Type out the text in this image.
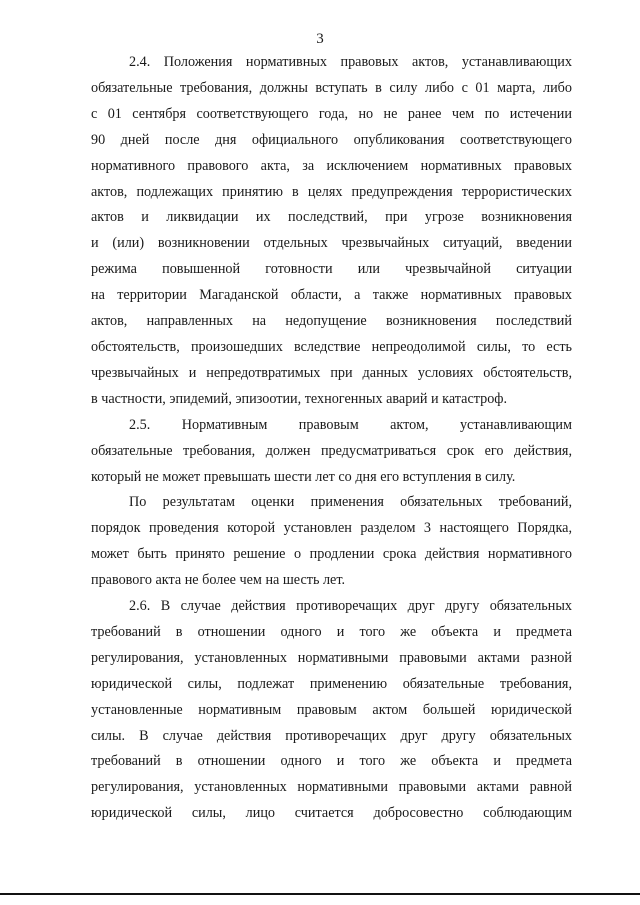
3
2.4. Положения нормативных правовых актов, устанавливающих
обязательные требования, должны вступать в силу либо с 01 марта, либо
с 01 сентября соответствующего года, но не ранее чем по истечении
90 дней после дня официального опубликования соответствующего
нормативного правового акта, за исключением нормативных правовых
актов, подлежащих принятию в целях предупреждения террористических
актов и ликвидации их последствий, при угрозе возникновения
и (или) возникновении отдельных чрезвычайных ситуаций, введении
режима повышенной готовности или чрезвычайной ситуации
на территории Магаданской области, а также нормативных правовых
актов, направленных на недопущение возникновения последствий
обстоятельств, произошедших вследствие непреодолимой силы, то есть
чрезвычайных и непредотвратимых при данных условиях обстоятельств,
в частности, эпидемий, эпизоотии, техногенных аварий и катастроф.
2.5. Нормативным правовым актом, устанавливающим
обязательные требования, должен предусматриваться срок его действия,
который не может превышать шести лет со дня его вступления в силу.
По результатам оценки применения обязательных требований,
порядок проведения которой установлен разделом 3 настоящего Порядка,
может быть принято решение о продлении срока действия нормативного
правового акта не более чем на шесть лет.
2.6. В случае действия противоречащих друг другу обязательных
требований в отношении одного и того же объекта и предмета
регулирования, установленных нормативными правовыми актами разной
юридической силы, подлежат применению обязательные требования,
установленные нормативным правовым актом большей юридической
силы. В случае действия противоречащих друг другу обязательных
требований в отношении одного и того же объекта и предмета
регулирования, установленных нормативными правовыми актами равной
юридической силы, лицо считается добросовестно соблюдающим
